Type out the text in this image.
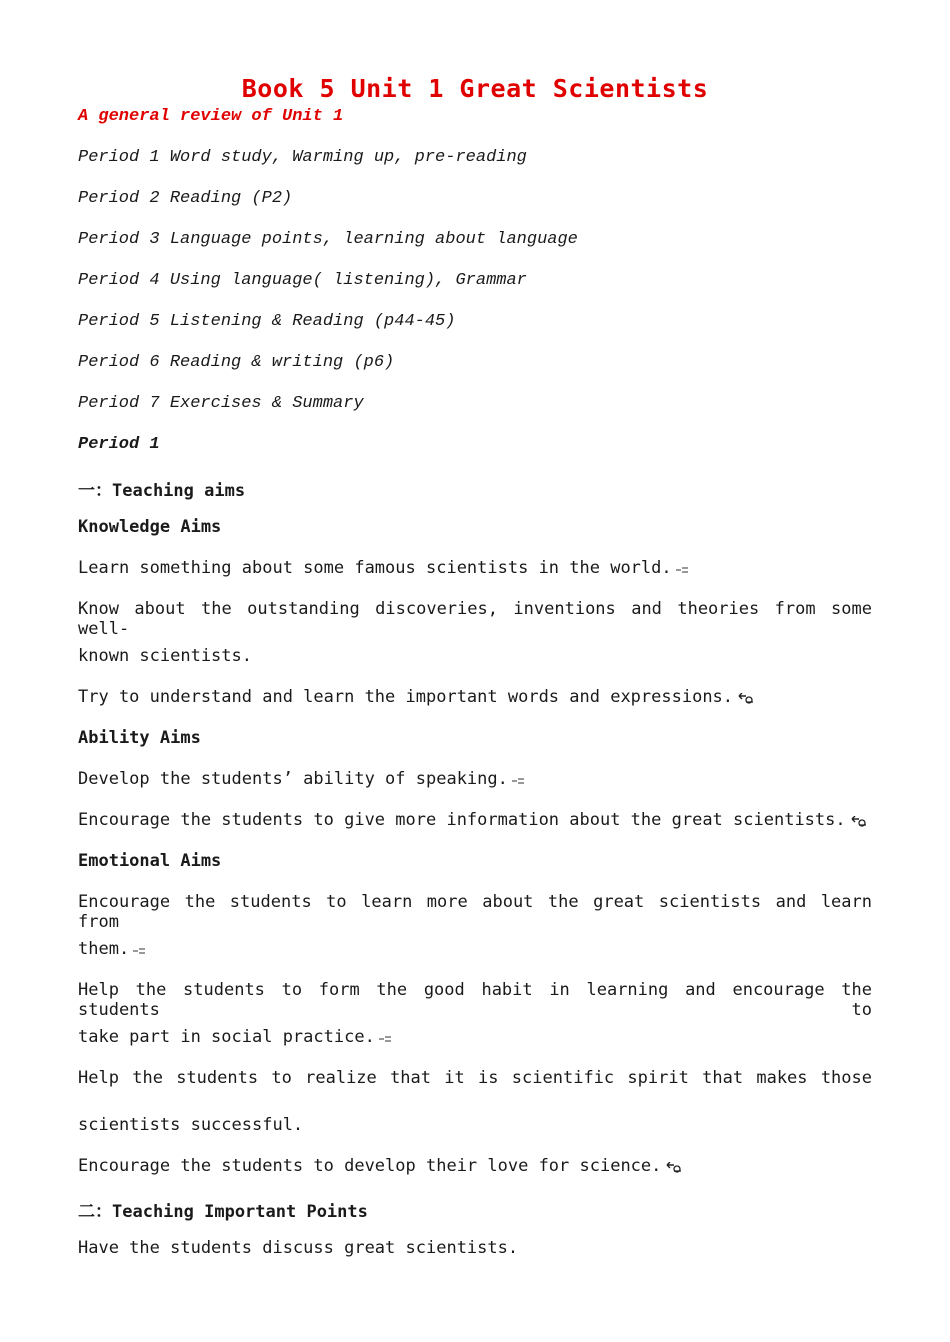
Book 5 Unit 1 Great Scientists
A general review of Unit 1
Period 1 Word study, Warming up, pre-reading
Period 2 Reading (P2)
Period 3 Language points, learning about language
Period 4 Using language( listening), Grammar
Period 5 Listening & Reading (p44-45)
Period 6 Reading & writing (p6)
Period 7 Exercises & Summary
Period 1
一：Teaching aims
Knowledge Aims
Learn something about some famous scientists in the world.
Know about the outstanding discoveries, inventions and theories from some well-
known scientists.
Try to understand and learn the important words and expressions.
Ability Aims
Develop the students’ ability of speaking.
Encourage the students to give more information about the great scientists.
Emotional Aims
Encourage the students to learn more about the great scientists and learn from
them.
Help the students to form the good habit in learning and encourage the students to
take part in social practice.
Help the students to realize that it is scientific spirit that makes those
scientists successful.
Encourage the students to develop their love for science.
二：Teaching Important Points
Have the students discuss great scientists.
